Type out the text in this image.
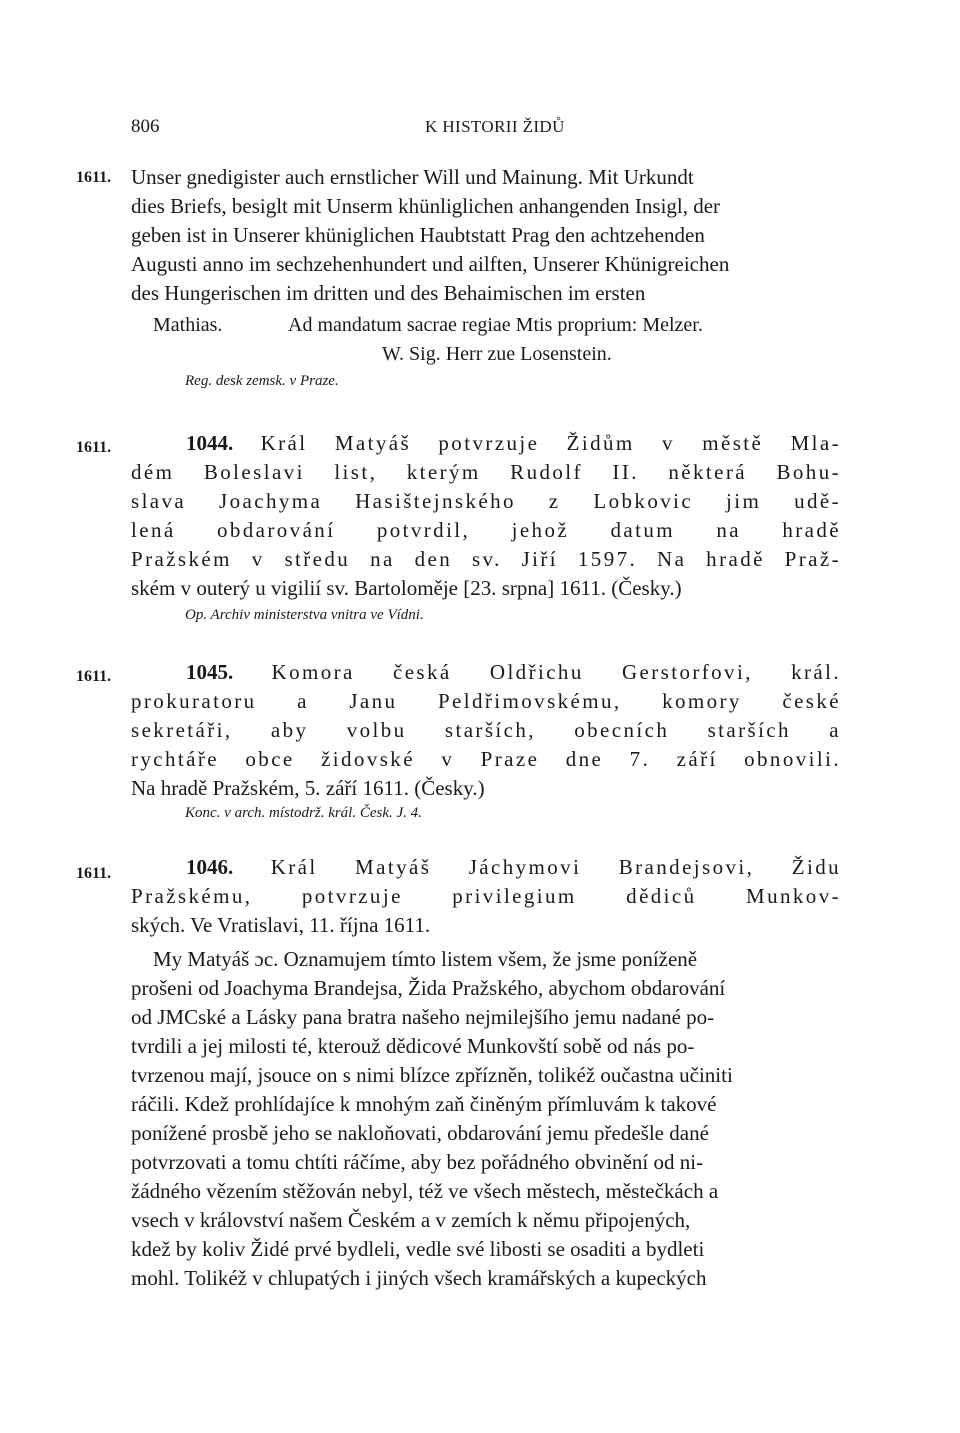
806	K HISTORII ŽIDŮ
1611. Unser gnedigister auch ernstlicher Will und Mainung. Mit Urkundt
dies Briefs, besiglt mit Unserm khünliglichen anhangenden Insigl, der
geben ist in Unserer khüniglichen Haubtstatt Prag den achtzehenden
Augusti anno im sechzehenhundert und ailften, Unserer Khünigreichen
des Hungerischen im dritten und des Behaimischen im ersten
Mathias.	Ad mandatum sacrae regiae Mtis proprium: Melzer.
W. Sig. Herr zue Losenstein.
Reg. desk zemsk. v Praze.
1611.	1044. Král Matyáš potvrzuje Židům v městě Mla-
dém Boleslavi list, kterým Rudolf II. některá Bohu-
slava Joachyma Hasištejnského z Lobkovic jim udě-
lená obdarování potvrdil, jehož datum na hradě
Pražském v středu na den sv. Jiří 1597. Na hradě Praž-
ském v outerý u vigilií sv. Bartoloměje [23. srpna] 1611. (Česky.)
Op. Archiv ministerstva vnitra ve Vídni.
1611.	1045. Komora česká Oldřichu Gerstorfovi, král.
prokuratoru a Janu Peldřimovskému, komory české
sekretáři, aby volbu starších, obecních starších a
rychtáře obce židovské v Praze dne 7. září obnovili.
Na hradě Pražském, 5. září 1611. (Česky.)
Konc. v arch. místodrž. král. Česk. J. 4.
1611.	1046. Král Matyáš Jáchymovi Brandejsovi, Židu
Pražskému, potvrzuje privilegium dědiců Munkov-
ských. Ve Vratislavi, 11. října 1611.
My Matyáš ɔc. Oznamujem tímto listem všem, že jsme poníženě
prošeni od Joachyma Brandejsa, Žida Pražského, abychom obdarování
od JMCské a Lásky pana bratra našeho nejmilejšího jemu nadané po-
tvrdili a jej milosti té, kterouž dědicové Munkovští sobě od nás po-
tvrzenou mají, jsouce on s nimi blízce zpřízněn, tolikéž oučastna učiniti
ráčili. Kdež prohlídajíce k mnohým zaň činěným přímluvám k takové
ponížené prosbě jeho se nakloňovati, obdarování jemu předešle dané
potvrzovati a tomu chtíti ráčíme, aby bez pořádného obvinění od ni-
žádného vězením stěžován nebyl, též ve všech městech, městečkách a
vsech v království našem Českém a v zemích k němu připojených,
kdež by koliv Židé prvé bydleli, vedle své libosti se osaditi a bydleti
mohl. Tolikéž v chlupatých i jiných všech kramářských a kupeckých
